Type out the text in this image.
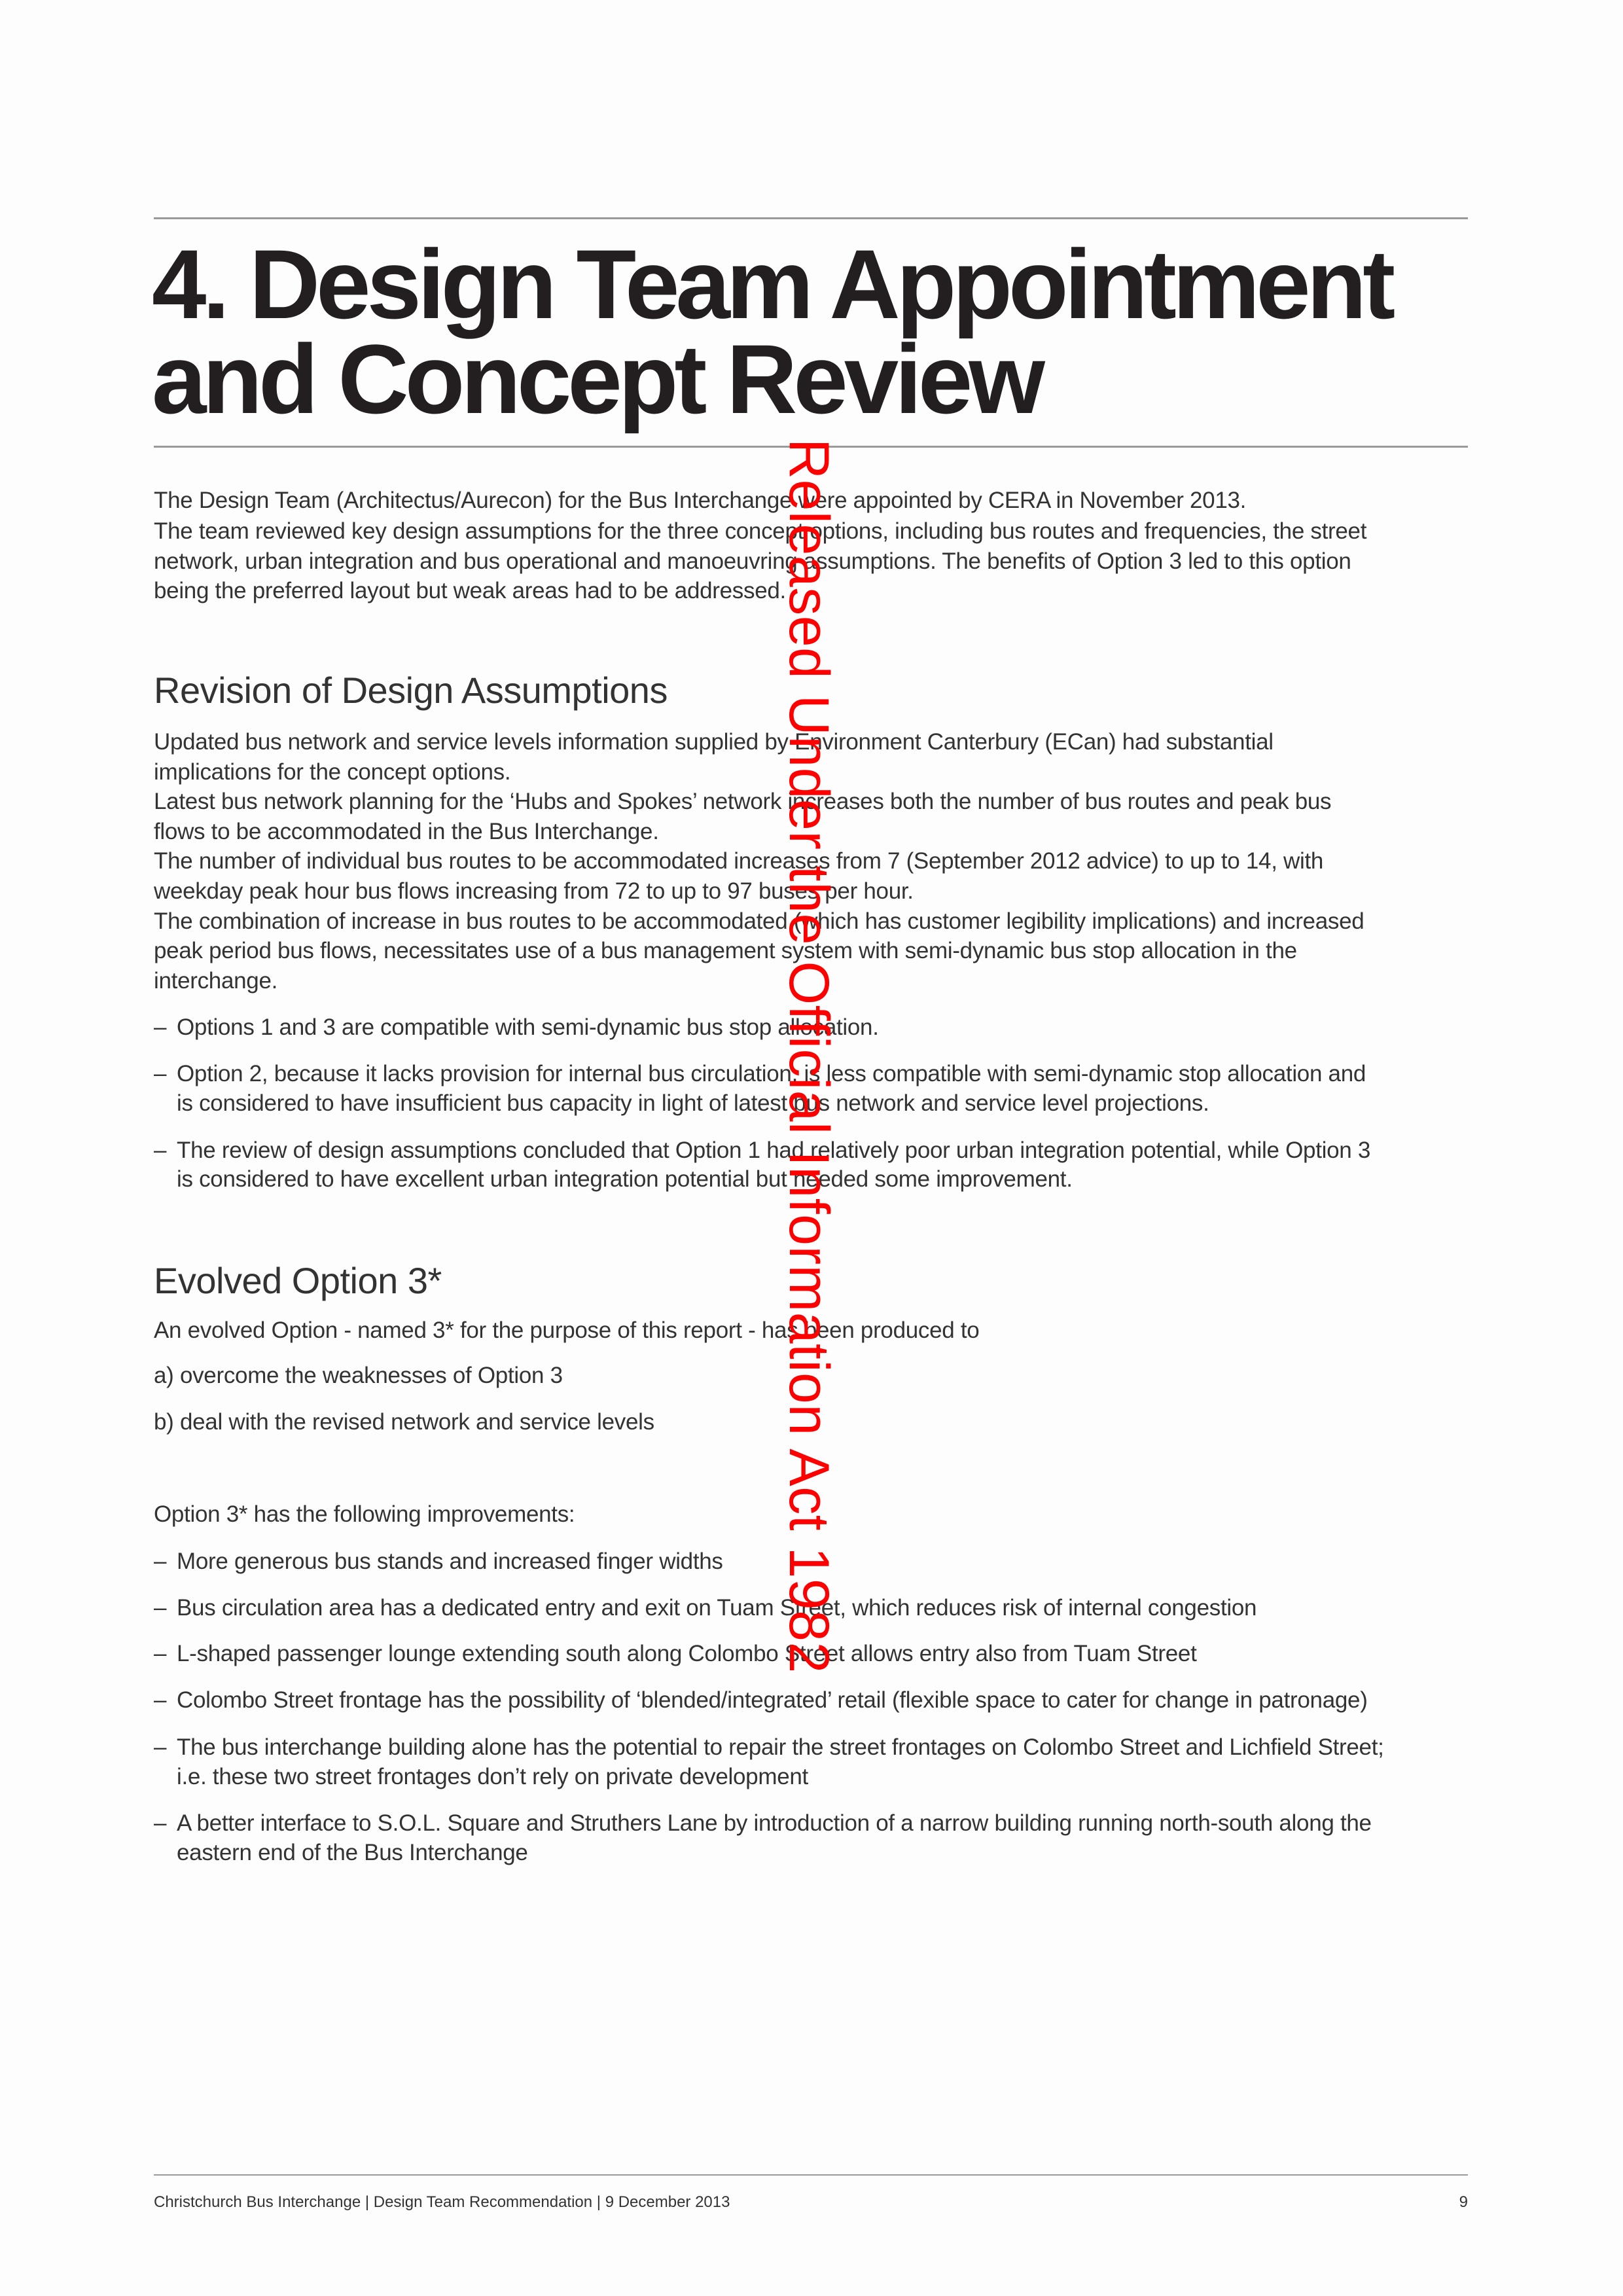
4. Design Team Appointment
and Concept Review
The Design Team (Architectus/Aurecon) for the Bus Interchange were appointed by CERA in November 2013.
The team reviewed key design assumptions for the three concept options, including bus routes and frequencies, the street
network, urban integration and bus operational and manoeuvring assumptions. The benefits of Option 3 led to this option
being the preferred layout but weak areas had to be addressed.
Revision of Design Assumptions
Updated bus network and service levels information supplied by Environment Canterbury (ECan) had substantial
implications for the concept options.
Latest bus network planning for the ‘Hubs and Spokes’ network increases both the number of bus routes and peak bus
flows to be accommodated in the Bus Interchange.
The number of individual bus routes to be accommodated increases from 7 (September 2012 advice) to up to 14, with
weekday peak hour bus flows increasing from 72 to up to 97 buses per hour.
The combination of increase in bus routes to be accommodated (which has customer legibility implications) and increased
peak period bus flows, necessitates use of a bus management system with semi-dynamic bus stop allocation in the
interchange.
– Options 1 and 3 are compatible with semi-dynamic bus stop allocation.
– Option 2, because it lacks provision for internal bus circulation, is less compatible with semi-dynamic stop allocation and
is considered to have insufficient bus capacity in light of latest bus network and service level projections.
– The review of design assumptions concluded that Option 1 had relatively poor urban integration potential, while Option 3
is considered to have excellent urban integration potential but needed some improvement.
Evolved Option 3*
An evolved Option - named 3* for the purpose of this report - has been produced to
a) overcome the weaknesses of Option 3
b) deal with the revised network and service levels
Option 3* has the following improvements:
– More generous bus stands and increased finger widths
– Bus circulation area has a dedicated entry and exit on Tuam Street, which reduces risk of internal congestion
– L-shaped passenger lounge extending south along Colombo Street allows entry also from Tuam Street
– Colombo Street frontage has the possibility of ‘blended/integrated’ retail (flexible space to cater for change in patronage)
– The bus interchange building alone has the potential to repair the street frontages on Colombo Street and Lichfield Street;
i.e. these two street frontages don’t rely on private development
– A better interface to S.O.L. Square and Struthers Lane by introduction of a narrow building running north-south along the
eastern end of the Bus Interchange
Christchurch Bus Interchange | Design Team Recommendation | 9 December 2013	9
Released Under the Official Information Act 1982
